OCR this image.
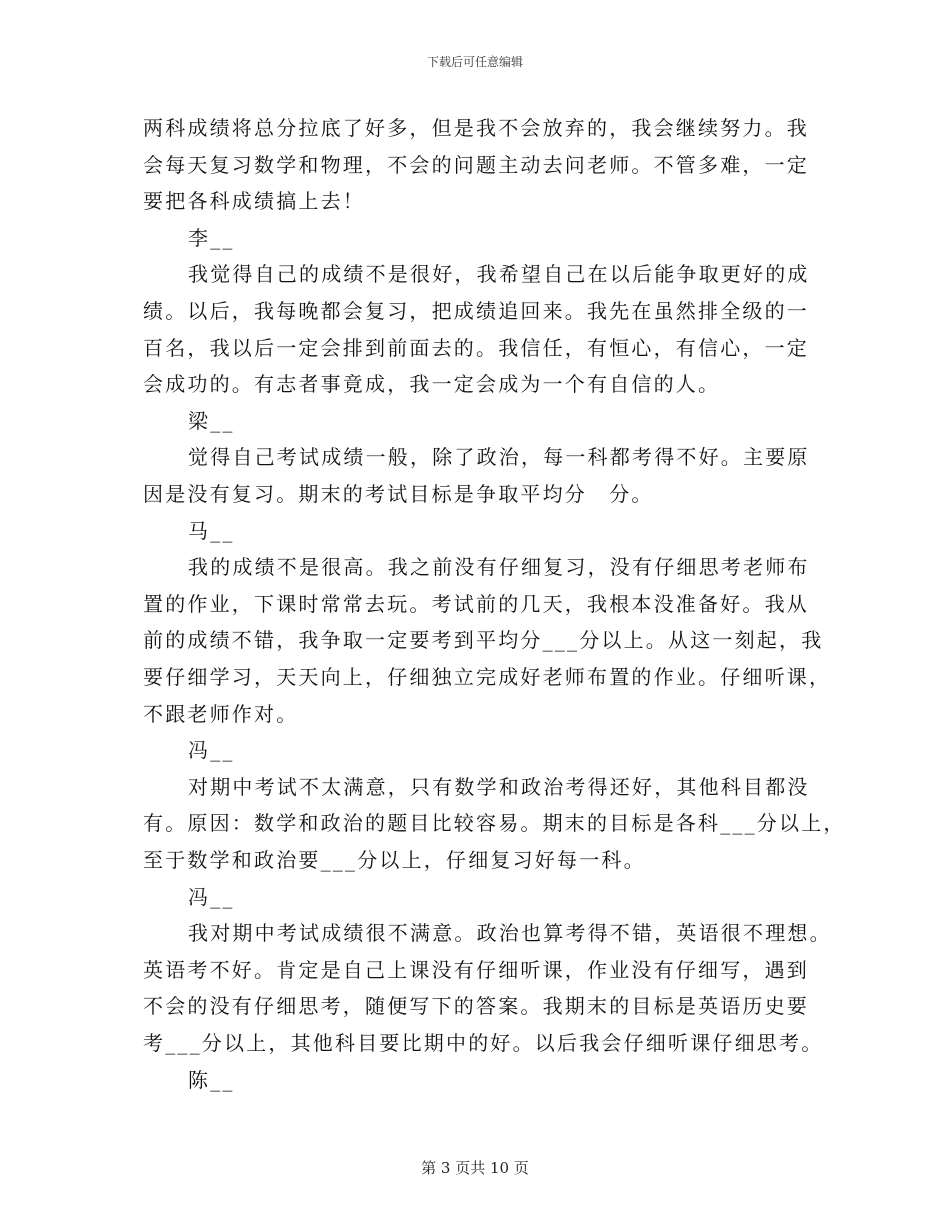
下载后可任意编辑
两科成绩将总分拉底了好多，但是我不会放弃的，我会继续努力。我
会每天复习数学和物理，不会的问题主动去问老师。不管多难，一定
要把各科成绩搞上去！
李__
我觉得自己的成绩不是很好，我希望自己在以后能争取更好的成
绩。以后，我每晚都会复习，把成绩追回来。我先在虽然排全级的一
百名，我以后一定会排到前面去的。我信任，有恒心，有信心，一定
会成功的。有志者事竟成，我一定会成为一个有自信的人。
梁__
觉得自己考试成绩一般，除了政治，每一科都考得不好。主要原
因是没有复习。期末的考试目标是争取平均分　分。
马__
我的成绩不是很高。我之前没有仔细复习，没有仔细思考老师布
置的作业，下课时常常去玩。考试前的几天，我根本没准备好。我从
前的成绩不错，我争取一定要考到平均分___分以上。从这一刻起，我
要仔细学习，天天向上，仔细独立完成好老师布置的作业。仔细听课，
不跟老师作对。
冯__
对期中考试不太满意，只有数学和政治考得还好，其他科目都没
有。原因：数学和政治的题目比较容易。期末的目标是各科___分以上，
至于数学和政治要___分以上，仔细复习好每一科。
冯__
我对期中考试成绩很不满意。政治也算考得不错，英语很不理想。
英语考不好。肯定是自己上课没有仔细听课，作业没有仔细写，遇到
不会的没有仔细思考，随便写下的答案。我期末的目标是英语历史要
考___分以上，其他科目要比期中的好。以后我会仔细听课仔细思考。
陈__
第 3 页共 10 页
